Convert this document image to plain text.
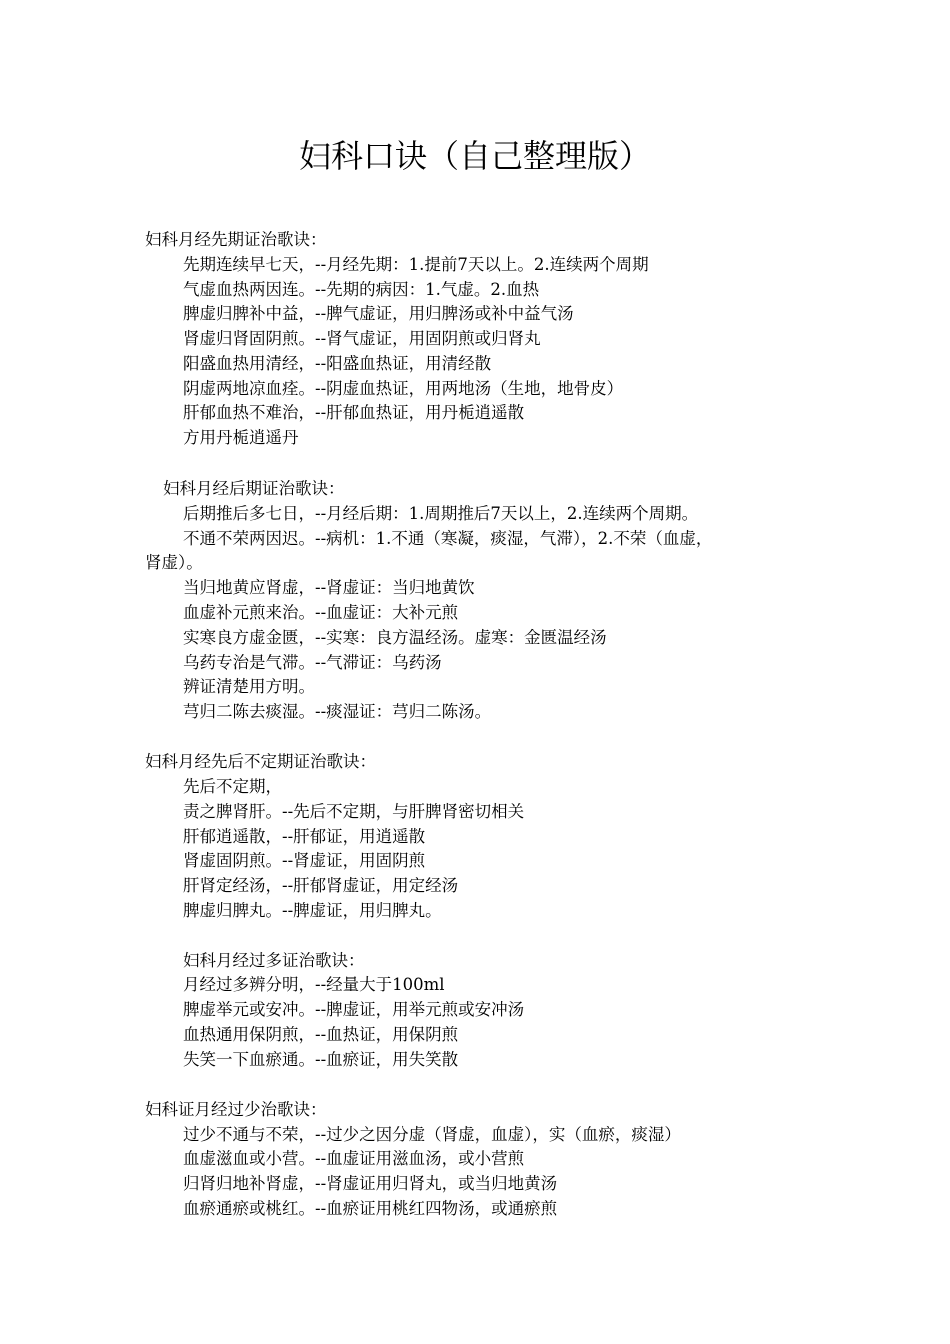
妇科口诀（自己整理版）

妇科月经先期证治歌诀：

先期连续早七天，--月经先期：1.提前7天以上。2.连续两个周期

气虚血热两因连。--先期的病因：1.气虚。2.血热

脾虚归脾补中益，--脾气虚证，用归脾汤或补中益气汤

肾虚归肾固阴煎。--肾气虚证，用固阴煎或归肾丸

阳盛血热用清经，--阳盛血热证，用清经散

阴虚两地凉血痊。--阴虚血热证，用两地汤（生地，地骨皮）

肝郁血热不难治，--肝郁血热证，用丹栀逍遥散

方用丹栀逍遥丹

妇科月经后期证治歌诀：

后期推后多七日，--月经后期：1.周期推后7天以上，2.连续两个周期。

不通不荣两因迟。--病机：1.不通（寒凝，痰湿，气滞），2.不荣（血虚，

肾虚）。

当归地黄应肾虚，--肾虚证：当归地黄饮

血虚补元煎来治。--血虚证：大补元煎

实寒良方虚金匮，--实寒：良方温经汤。虚寒：金匮温经汤

乌药专治是气滞。--气滞证：乌药汤

辨证清楚用方明。

芎归二陈去痰湿。--痰湿证：芎归二陈汤。

妇科月经先后不定期证治歌诀：

先后不定期，

责之脾肾肝。--先后不定期，与肝脾肾密切相关

肝郁逍遥散，--肝郁证，用逍遥散

肾虚固阴煎。--肾虚证，用固阴煎

肝肾定经汤，--肝郁肾虚证，用定经汤

脾虚归脾丸。--脾虚证，用归脾丸。

妇科月经过多证治歌诀：

月经过多辨分明，--经量大于100ml

脾虚举元或安冲。--脾虚证，用举元煎或安冲汤

血热通用保阴煎，--血热证，用保阴煎

失笑一下血瘀通。--血瘀证，用失笑散

妇科证月经过少治歌诀：

过少不通与不荣，--过少之因分虚（肾虚，血虚），实（血瘀，痰湿）

血虚滋血或小营。--血虚证用滋血汤，或小营煎

归肾归地补肾虚，--肾虚证用归肾丸，或当归地黄汤

血瘀通瘀或桃红。--血瘀证用桃红四物汤，或通瘀煎
